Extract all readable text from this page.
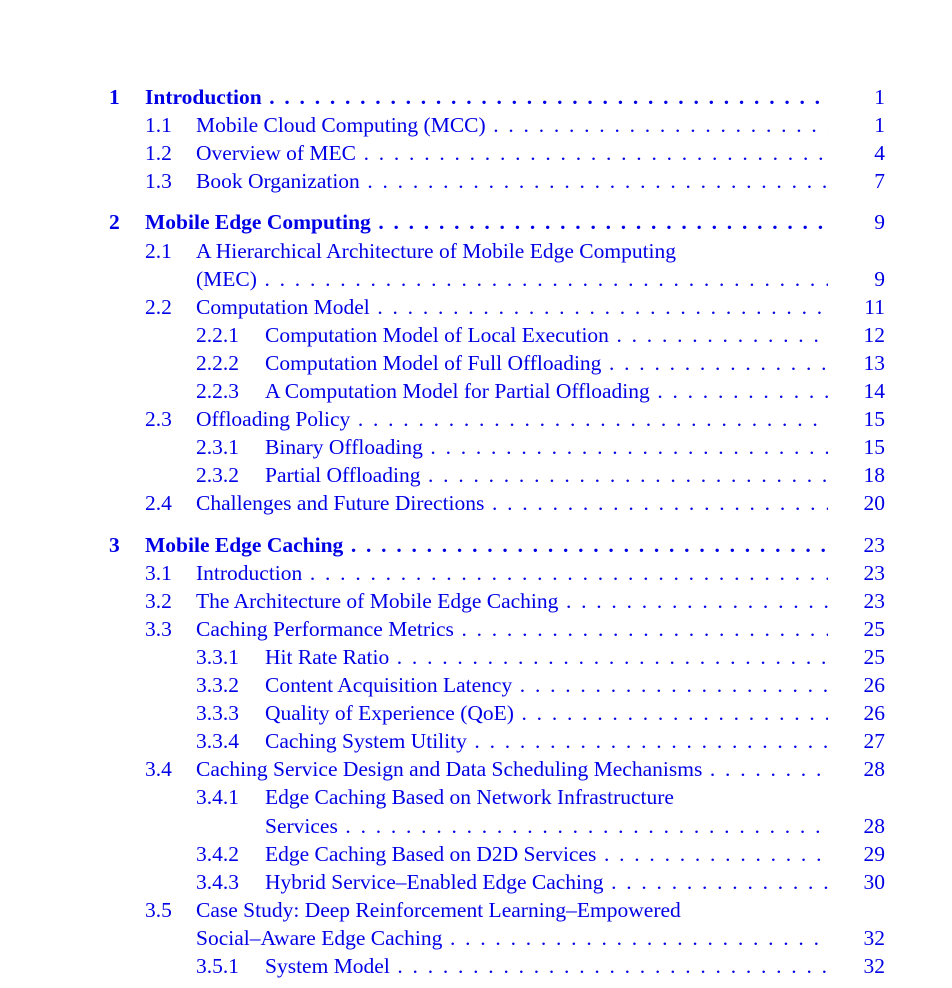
1 Introduction . . .	1
1.1 Mobile Cloud Computing (MCC) . . .	1
1.2 Overview of MEC . . .	4
1.3 Book Organization . . .	7
2 Mobile Edge Computing . . .	9
2.1 A Hierarchical Architecture of Mobile Edge Computing
(MEC) . . .	9
2.2 Computation Model . . .	11
2.2.1 Computation Model of Local Execution . . .	12
2.2.2 Computation Model of Full Offloading . . .	13
2.2.3 A Computation Model for Partial Offloading . . .	14
2.3 Offloading Policy . . .	15
2.3.1 Binary Offloading . . .	15
2.3.2 Partial Offloading . . .	18
2.4 Challenges and Future Directions . . .	20
3 Mobile Edge Caching . . .	23
3.1 Introduction . . .	23
3.2 The Architecture of Mobile Edge Caching . . .	23
3.3 Caching Performance Metrics . . .	25
3.3.1 Hit Rate Ratio . . .	25
3.3.2 Content Acquisition Latency . . .	26
3.3.3 Quality of Experience (QoE) . . .	26
3.3.4 Caching System Utility . . .	27
3.4 Caching Service Design and Data Scheduling Mechanisms . . .	28
3.4.1 Edge Caching Based on Network Infrastructure
Services . . .	28
3.4.2 Edge Caching Based on D2D Services . . .	29
3.4.3 Hybrid Service–Enabled Edge Caching . . .	30
3.5 Case Study: Deep Reinforcement Learning–Empowered
Social–Aware Edge Caching . . .	32
3.5.1 System Model . . .	32
